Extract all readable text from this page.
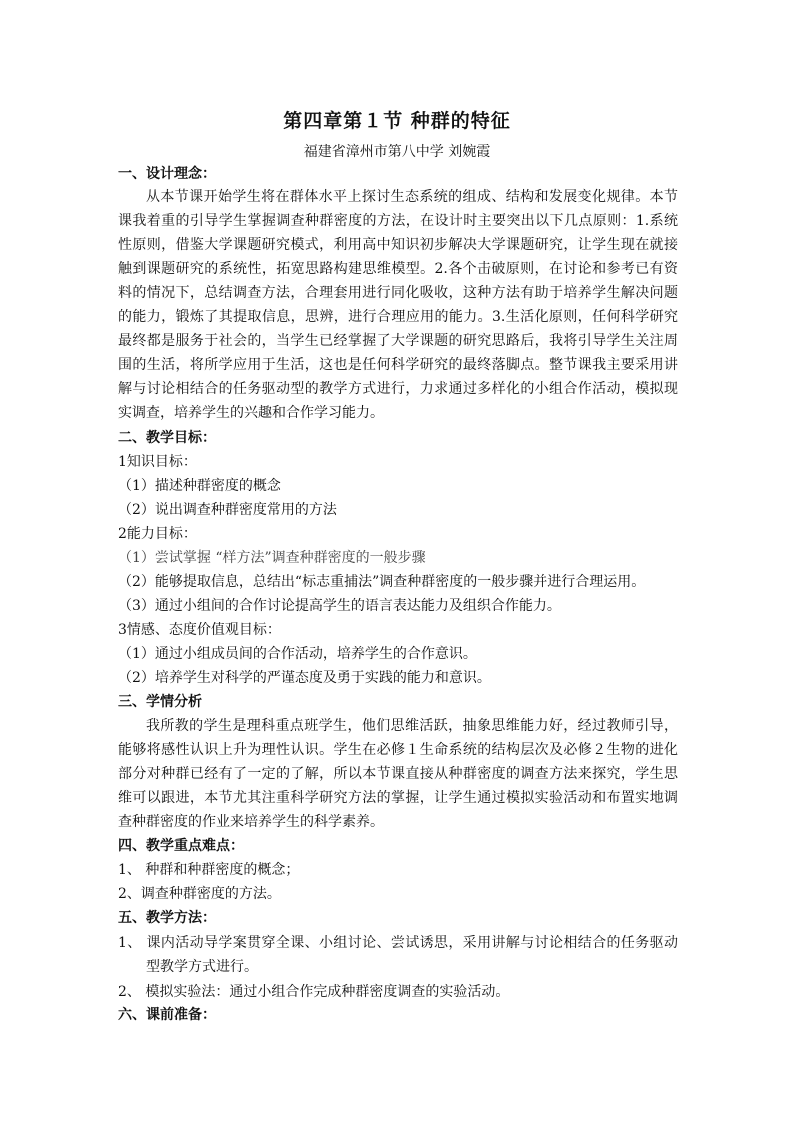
第四章第１节 种群的特征
福建省漳州市第八中学 刘婉霞
一、设计理念：
从本节课开始学生将在群体水平上探讨生态系统的组成、结构和发展变化规律。本节
课我着重的引导学生掌握调查种群密度的方法，在设计时主要突出以下几点原则：1.系统
性原则，借鉴大学课题研究模式，利用高中知识初步解决大学课题研究，让学生现在就接
触到课题研究的系统性，拓宽思路构建思维模型。2.各个击破原则，在讨论和参考已有资
料的情况下，总结调查方法，合理套用进行同化吸收，这种方法有助于培养学生解决问题
的能力，锻炼了其提取信息，思辨，进行合理应用的能力。3.生活化原则，任何科学研究
最终都是服务于社会的，当学生已经掌握了大学课题的研究思路后，我将引导学生关注周
围的生活，将所学应用于生活，这也是任何科学研究的最终落脚点。整节课我主要采用讲
解与讨论相结合的任务驱动型的教学方式进行，力求通过多样化的小组合作活动，模拟现
实调查，培养学生的兴趣和合作学习能力。
二、教学目标：
1知识目标：
（1）描述种群密度的概念
（2）说出调查种群密度常用的方法
2能力目标：
（1）尝试掌握 “样方法”调查种群密度的一般步骤
（2）能够提取信息，总结出“标志重捕法”调查种群密度的一般步骤并进行合理运用。
（3）通过小组间的合作讨论提高学生的语言表达能力及组织合作能力。
3情感、态度价值观目标：
（1）通过小组成员间的合作活动，培养学生的合作意识。
（2）培养学生对科学的严谨态度及勇于实践的能力和意识。
三、学情分析
我所教的学生是理科重点班学生，他们思维活跃，抽象思维能力好，经过教师引导，
能够将感性认识上升为理性认识。学生在必修１生命系统的结构层次及必修２生物的进化
部分对种群已经有了一定的了解，所以本节课直接从种群密度的调查方法来探究，学生思
维可以跟进，本节尤其注重科学研究方法的掌握，让学生通过模拟实验活动和布置实地调
查种群密度的作业来培养学生的科学素养。
四、教学重点难点：
1、 种群和种群密度的概念；
2、调查种群密度的方法。
五、教学方法：
1、 课内活动导学案贯穿全课、小组讨论、尝试诱思，采用讲解与讨论相结合的任务驱动
型教学方式进行。
2、 模拟实验法：通过小组合作完成种群密度调查的实验活动。
六、课前准备：
